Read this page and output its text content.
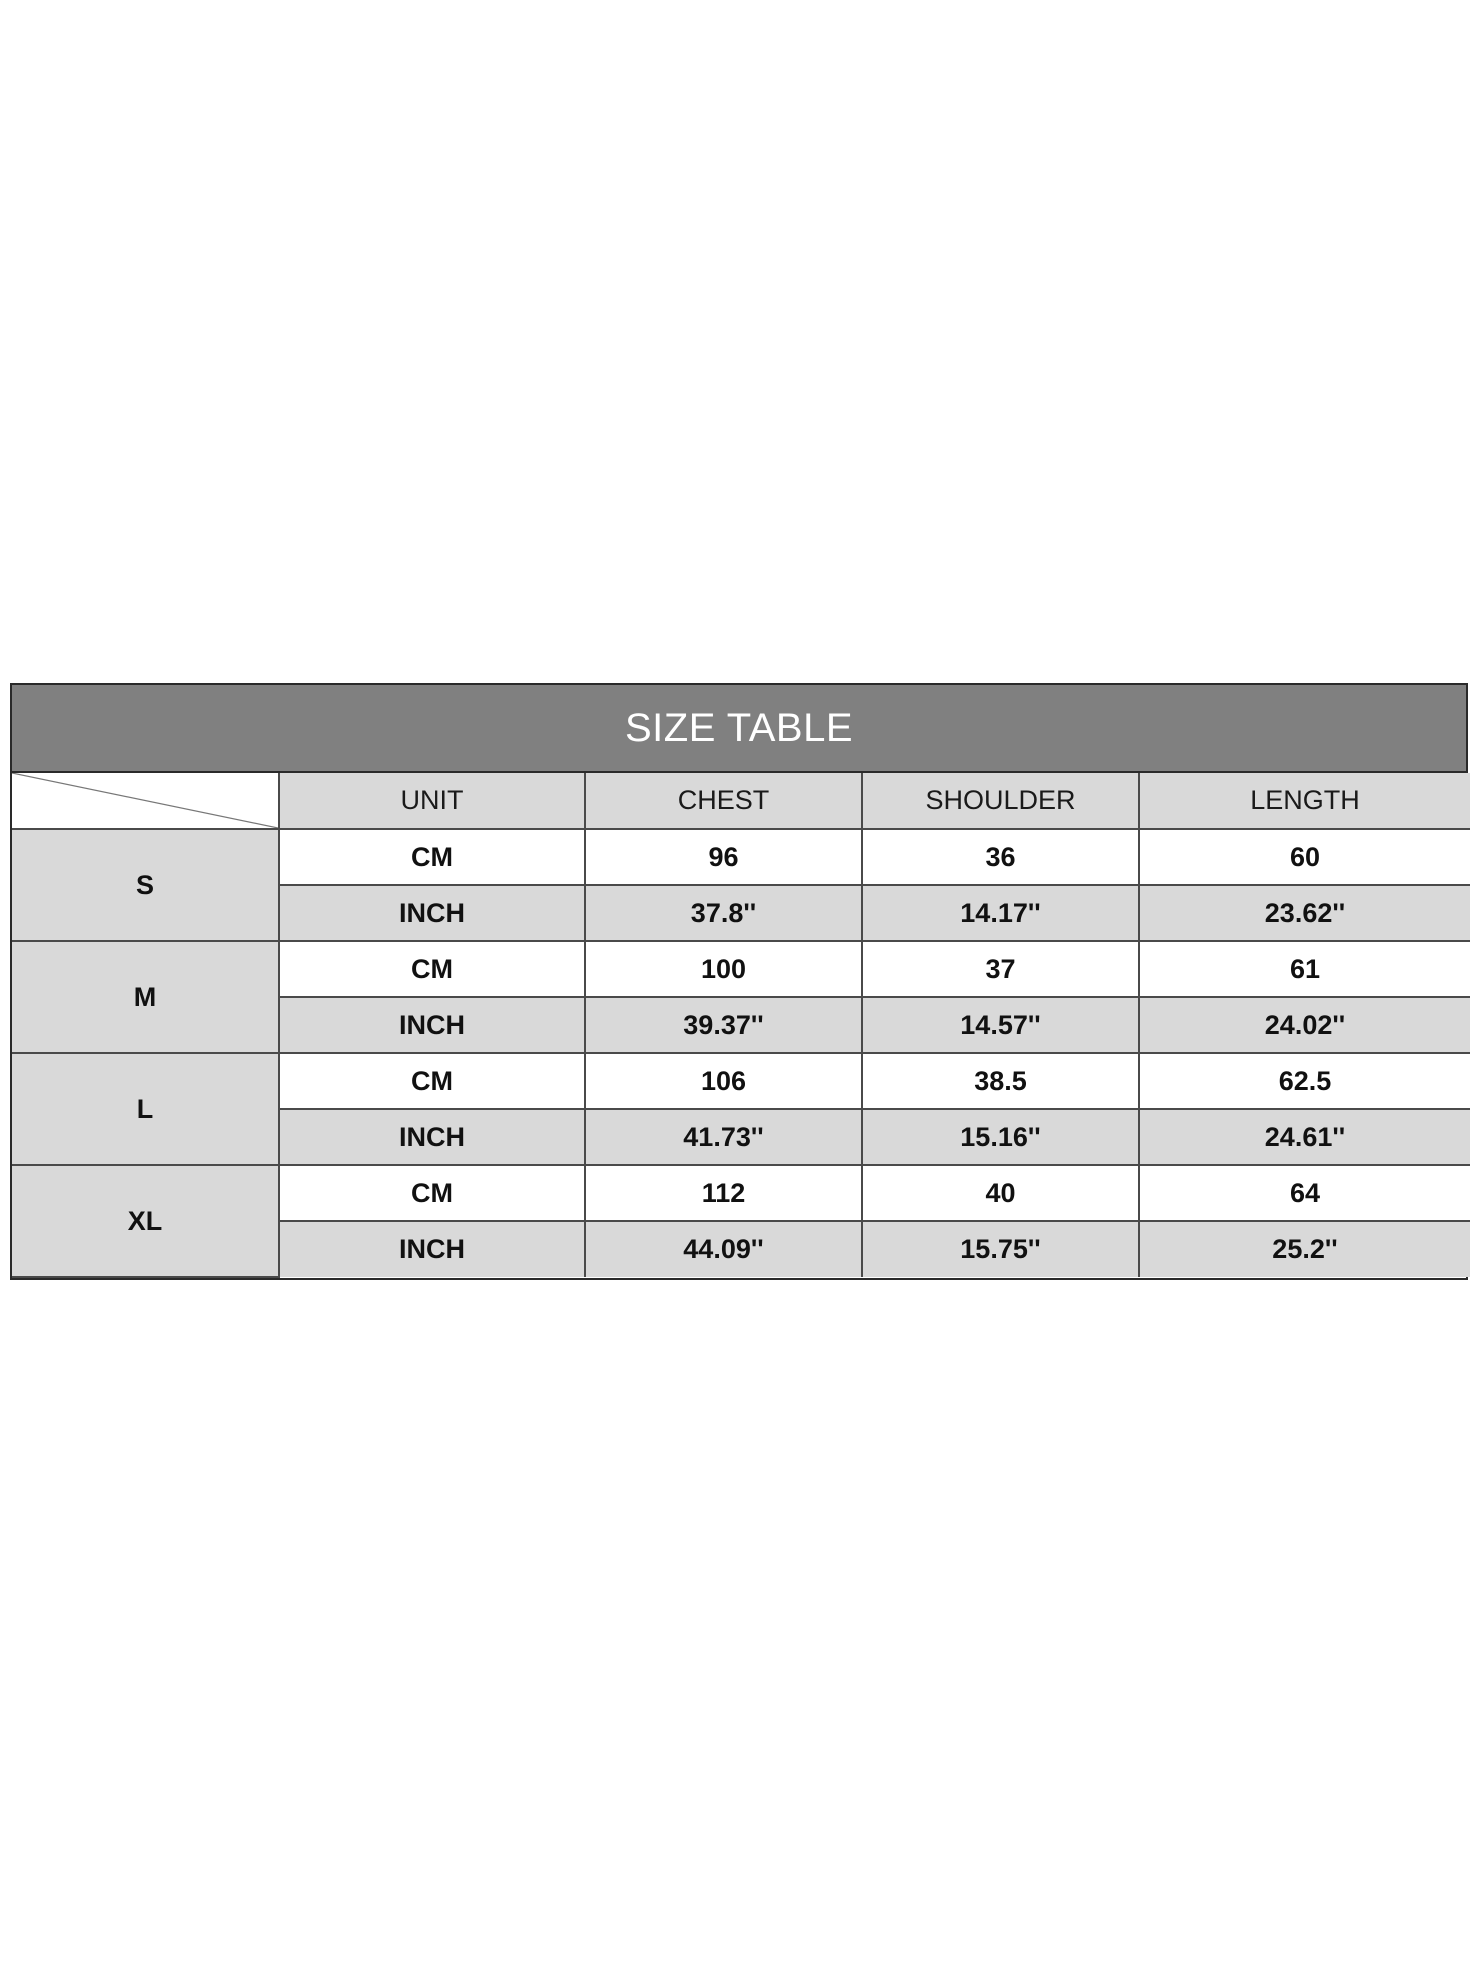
SIZE TABLE
	UNIT	CHEST	SHOULDER	LENGTH
S	CM	96	36	60
	INCH	37.8''	14.17''	23.62''
M	CM	100	37	61
	INCH	39.37''	14.57''	24.02''
L	CM	106	38.5	62.5
	INCH	41.73''	15.16''	24.61''
XL	CM	112	40	64
	INCH	44.09''	15.75''	25.2''
